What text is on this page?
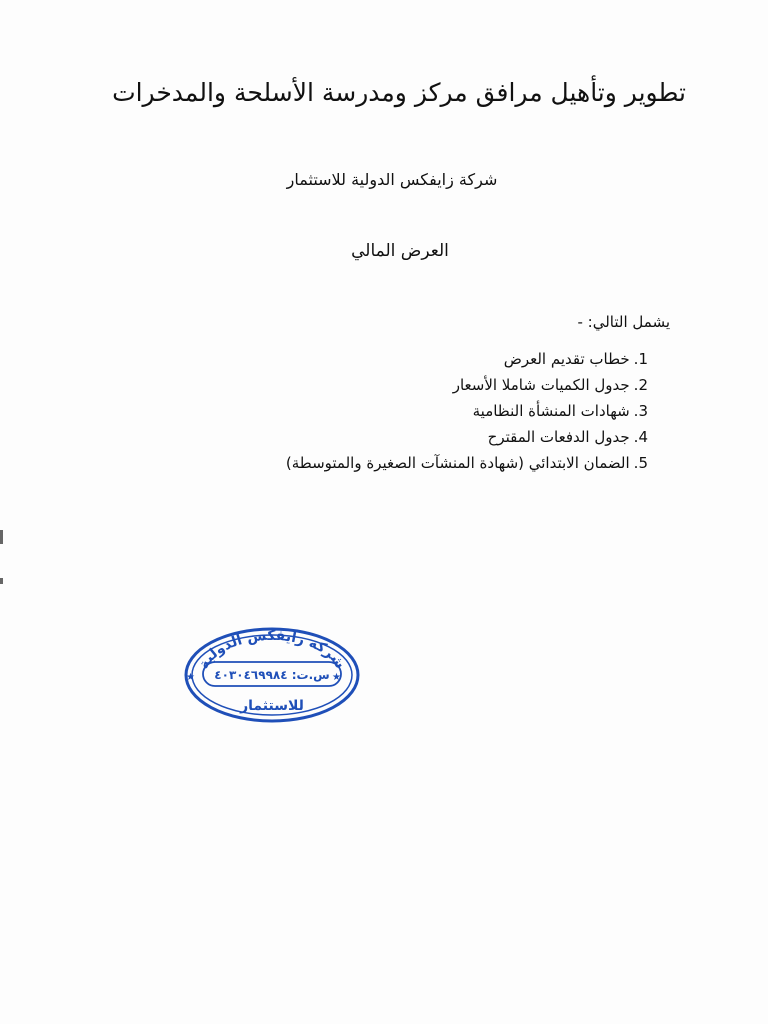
تطوير وتأهيل مرافق مركز ومدرسة الأسلحة والمدخرات
شركة زايفكس الدولية للاستثمار
العرض المالي
يشمل التالي: -
1.خطاب تقديم العرض
2.جدول الكميات شاملا الأسعار
3.شهادات المنشأة النظامية
4.جدول الدفعات المقترح
5.الضمان الابتدائي (شهادة المنشآت الصغيرة والمتوسطة)
★	★
شركة زايفكس الدولية
س.ت: ٤٠٣٠٤٦٩٩٨٤
للاستثمار
